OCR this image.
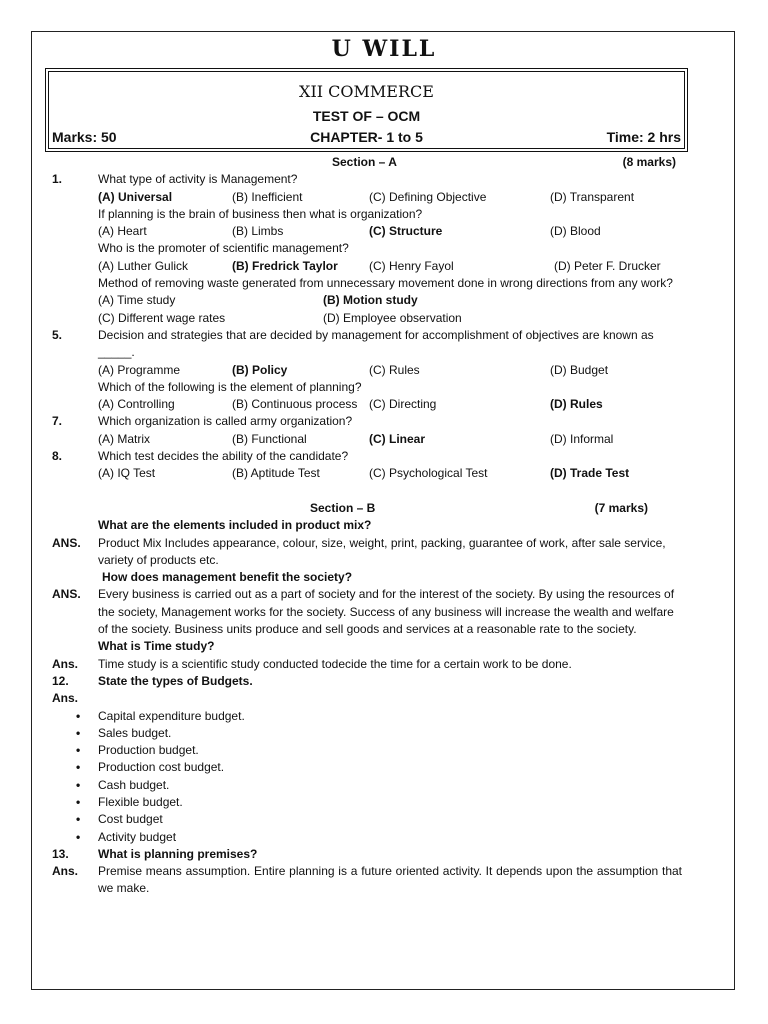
U WILL
XII COMMERCE
TEST OF – OCM
Marks: 50	CHAPTER- 1 to 5	Time: 2 hrs
Section – A	(8 marks)
1.	What type of activity is Management?
(A) Universal	(B) Inefficient	(C) Defining Objective	(D) Transparent
If planning is the brain of business then what is organization?
(A) Heart	(B) Limbs	(C) Structure	(D) Blood
Who is the promoter of scientific management?
(A) Luther Gulick	(B) Fredrick Taylor	(C) Henry Fayol	(D) Peter F. Drucker
Method of removing waste generated from unnecessary movement done in wrong directions from any work?
(A) Time study	(B) Motion study
(C) Different wage rates	(D) Employee observation
5.	Decision and strategies that are decided by management for accomplishment of objectives are known as _____.
(A) Programme	(B) Policy	(C) Rules	(D) Budget
Which of the following is the element of planning?
(A) Controlling	(B) Continuous process (C) Directing	(D) Rules
7.	Which organization is called army organization?
(A) Matrix	(B) Functional	(C) Linear	(D) Informal
8.	Which test decides the ability of the candidate?
(A) IQ Test	(B) Aptitude Test	(C) Psychological Test	(D) Trade Test
Section – B	(7 marks)
What are the elements included in product mix?
ANS. Product Mix Includes appearance, colour, size, weight, print, packing, guarantee of work, after sale service, variety of products etc.
How does management benefit the society?
ANS. Every business is carried out as a part of society and for the interest of the society. By using the resources of the society, Management works for the society. Success of any business will increase the wealth and welfare of the society. Business units produce and sell goods and services at a reasonable rate to the society.
What is Time study?
Ans. Time study is a scientific study conducted todecide the time for a certain work to be done.
12. State the types of Budgets.
Ans.
• Capital expenditure budget.
• Sales budget.
• Production budget.
• Production cost budget.
• Cash budget.
• Flexible budget.
• Cost budget
• Activity budget
13. What is planning premises?
Ans. Premise means assumption. Entire planning is a future oriented activity. It depends upon the assumption that we make.
